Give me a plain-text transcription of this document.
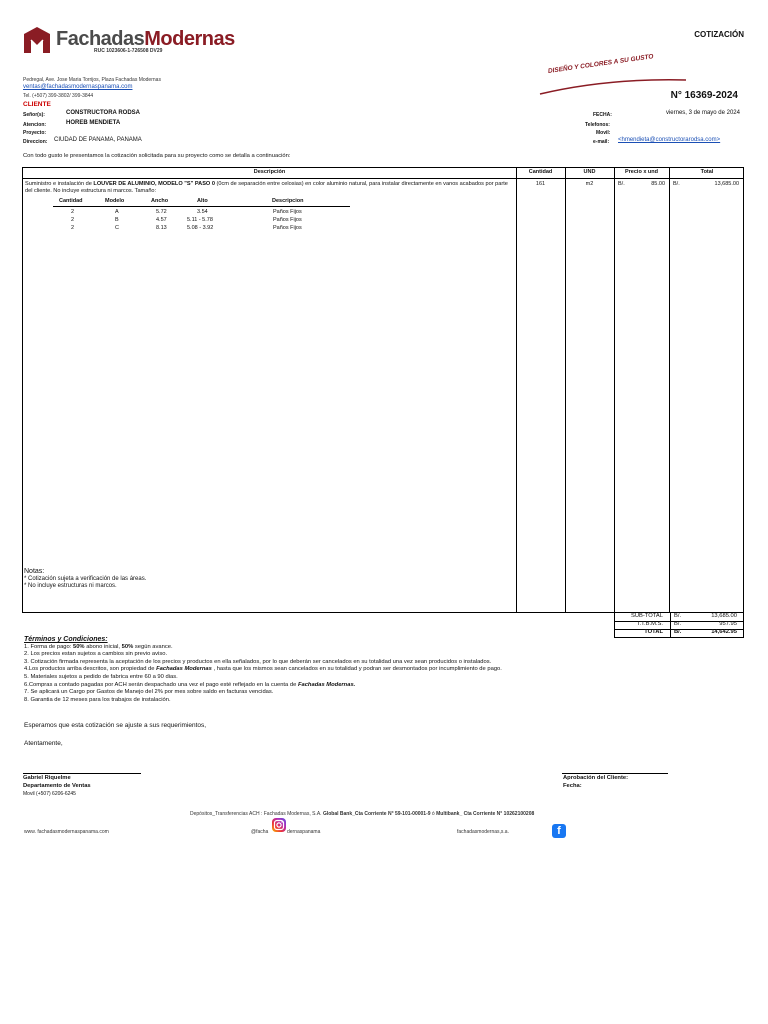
FachadasModernas
RUC 1023606-1-726508 DV29
COTIZACIÓN
DISEÑO Y COLORES A SU GUSTO
N° 16369-2024
Pedregal, Ave. Jose Maria Torrijos, Plaza Fachadas Modernas
ventas@fachadasmodernaspanama.com
Tel. (+507) 399-3802/ 399-3844
CLIENTE
Señor(s):	CONSTRUCTORA RODSA
Atencion:	HOREB MENDIETA
Proyecto:
Direccion: CIUDAD DE PANAMA, PANAMA
FECHA:	viernes, 3 de mayo de 2024
Telefonos:
Movil:
e-mail: <hmendieta@constructorarodsa.com>
Con todo gusto le presentamos la cotización solicitada para su proyecto como se detalla a continuación:
Descripción	Cantidad	UND	Precio x und	Total
Suministro e instalación de LOUVER DE ALUMINIO, MODELO "S" PASO 0 (0cm de separación entre celosias) en color aluminio natural, para instalar directamente en vanos acabados por parte del cliente. No incluye estructura ni marcos. Tamaño:
161	m2	B/.	85.00 B/.	13,685.00
Cantidad	Modelo	Ancho	Alto	Descripcion
2	A	5.72	3.54	Paños Fijos
2	B	4.57	5.11 - 5.78	Paños Fijos
2	C	8.13	5.08 - 3.92	Paños Fijos
Notas:
* Cotización sujeta a verificación de las áreas.
* No incluye estructuras ni marcos.
SUB-TOTAL B/.	13,685.00
I.T.B.M.S. B/.	957.95
TOTAL B/.	14,642.95
Términos y Condiciones:
1. Forma de pago: 50% abono inicial, 50% según avance.
2. Los precios estan sujetos a cambios sin previo aviso.
3. Cotización firmada representa la aceptación de los precios y productos en ella señalados, por lo que deberán ser cancelados en su totalidad una vez sean producidos o instalados.
4.Los productos arriba descritos, son propiedad de Fachadas Modernas , hasta que los mismos sean cancelados en su totalidad y podran ser desmontados por incumplimiento de pago.
5. Materiales sujetos a pedido de fabrica entre 60 a 90 dias.
6.Compras a contado pagadas por ACH serán despachado una vez el pago esté reflejado en la cuenta de Fachadas Modernas.
7. Se aplicará un Cargo por Gastos de Manejo del 2% por mes sobre saldo en facturas vencidas.
8. Garantia de 12 meses para los trabajos de instalación.
Esperamos que esta cotización se ajuste a sus requerimientos,
Atentamente,
Gabriel Riquelme
Departamento de Ventas
Movil (+507) 6206-6245
Aprobación del Cliente:
Fecha:
Depósitos_Transferencias ACH : Fachadas Modernas, S.A. Global Bank_Cta Corriente N° 59-101-00001-9 ó Multibank_ Cta Corriente N° 10262100208
www. fachadasmodernaspanama.com	@facha	dernaspanama	fachadasmodernas,s.a.	f
